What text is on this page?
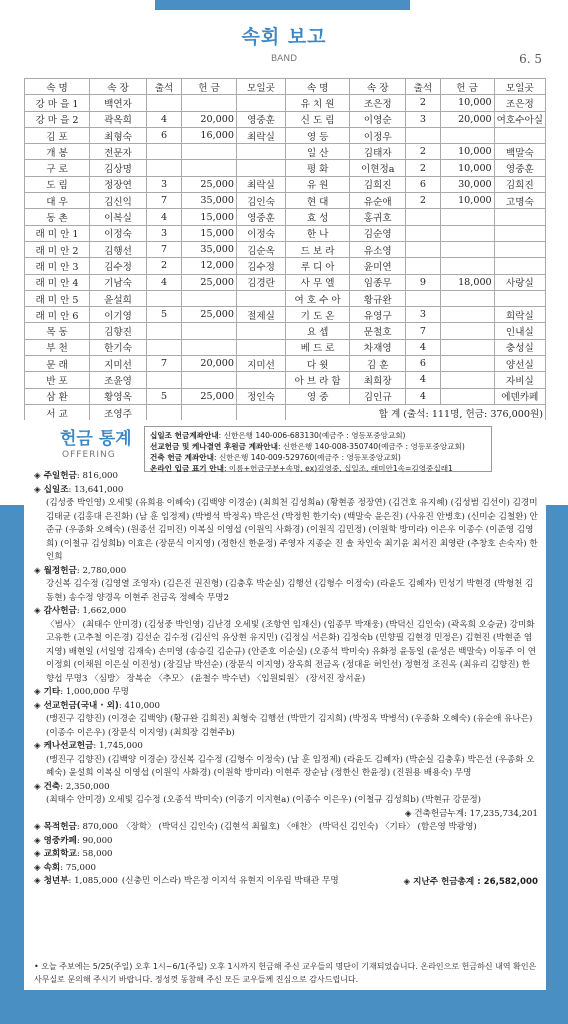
속회 보고
BAND	6. 5
속 명	속 장	출석	헌 금	모일곳
강 마 을 1	백연자			
강 마 을 2	곽옥희	4	20,000	영중훈
김 포	최형숙	6	16,000	최락실
개 봉	전문자			
구 로	김상명			
도 림	정장연	3	25,000	최락실
대 우	김신익	7	35,000	김인숙
동 촌	이복실	4	15,000	영중훈
래 미 안 1	이정숙	3	15,000	이정숙
래 미 안 2	김행선	7	35,000	김순옥
래 미 안 3	김수정	2	12,000	김수정
래 미 안 4	기남숙	4	25,000	김경란
래 미 안 5	윤설희			
래 미 안 6	이기영	5	25,000	절제실
목 동	김향진			
부 천	한기숙			
문 래	지미선	7	20,000	지미선
반 포	조윤영			
삼 환	황영옥	5	25,000	정인숙
서 교	조영주			
속 명	속 장	출석	헌 금	모일곳
유 치 원	조은정	2	10,000	조은정
신 도 림	이영순	3	20,000	여호수아실
영 등	이정우			
일 산	김태자	2	10,000	백말숙
평 화	이현정a	2	10,000	영중훈
유 원	김희진	6	30,000	김희진
현 대	유순애	2	10,000	고명숙
효 성	홍귀호			
한 나	김순영			
드 보 라	유소영			
루 디 아	윤미연			
사 무 엘	임종무	9	18,000	사랑실
여 호 수 아	황규완			
기 도 온	유영구	3		희락실
요 셉	문철호	7		인내실
베 드 로	차재영	4		충성실
다 윗	김 훈	6		양선실
아 브 라 함	최희장	4		자비실
영 중	김인규	4		에덴카페
합 계 (출석: 111명, 헌금: 376,000원)				
헌금 통계
OFFERING
십일조 헌금계좌안내: 신한은행 140-006-683130(예금주 : 영등포중앙교회)
선교헌금 및 케나결연 후원금 계좌안내: 신한은행 140-008-350740(예금주 : 영등포중앙교회)
건축 헌금 계좌안내: 신한은행 140-009-529760(예금주 : 영등포중앙교회)
온라인 입금 표기 안내: 이름+헌금구분+속명, ex)김영중, 십일조, 래미안1속=김영중십래1
◈ 주일헌금: 816,000
◈ 십일조: 13,641,000
(김성중 박인영) 오세빛 (유희용 이혜숙) (김백양 이경순) (최희천 김성희a) (황현종 정장연) (김건호 유지혜) (김성범 김선이) 김경미 김태균 (김홍대 은진화) (남 훈 임정제) (박병석 박정옥) 박은선 (박정헌 한기숙) (백말숙 윤은진) (사유진 안병호) (신미순 김철환) 안준규 (우종화 오혜숙) (원종선 김미진) 이복실 이영섭 (이원익 사화경) (이원직 김민정) (이원학 방미라) 이은우 이종수 (이준영 김영희) (이철규 김성희b) 이효은 (장문식 이지영) (정한신 한윤정) 주영자 지종순 진 솔 차인숙 최기윤 최서진 최영란 (추창호 손숙자) 한인희
◈ 월정헌금: 2,780,000
강신복 김수정 (김영열 조영자) (김은진 권진형) (김충후 박순실) 김행선 (김형수 이정숙) (라윤도 김혜자) 민성기 박현경 (박형천 김동현) 송수정 양경옥 이현주 전금옥 정혜숙 무명2
◈ 감사헌금: 1,662,000
〈범사〉 (최태수 안미경) (김성중 박인영) 김난경 오세빛 (조항연 임재신) (임종무 박재웅) (박덕신 김인숙) (곽옥희 오승균) 강미화 고유한 (고추철 이은경) 김선순 김수정 (김신익 유상현 유지민) (김정심 서은화) 김정숙b (민향필 김현경 민정은) 김현진 (박현준 염지영) 배현일 (서일영 김재숙) 손미영 (송승길 김순규) (안준호 이순실) (오종석 박미숙) 유화정 윤동일 (윤성은 백말숙) 이동주 이 연 이정회 (이채원 이은실 이진성) (장길남 박선순) (장문식 이지영) 장옥희 전금옥 (정대윤 허인선) 정현정 조진옥 (최유리 김향진) 한향섭 무명3 〈심방〉 장복순 〈추모〉 (윤철수 박수년) 〈입원퇴원〉 (장서진 장서윤)
◈ 기타: 1,000,000 무명
◈ 선교헌금(국내 · 외): 410,000
(맹진구 김향진) (이경순 김백양) (황규완 김희진) 최형숙 김행선 (박만기 김지희) (박정옥 박병석) (우종화 오혜숙) (유순애 유나은) (이종수 이은우) (장문식 이지영) (최희장 김현주b)
◈ 케나선교헌금: 1,745,000
(맹진구 김향진) (김백양 이경순) 강신복 김수정 (김형수 이정숙) (남 훈 임정제) (라윤도 김혜자) (박순실 김충후) 박은선 (우종화 오혜숙) 윤설희 이복실 이영섭 (이원익 사화경) (이원학 방미라) 이현주 장순남 (정한신 한윤정) (진원용 배용숙) 무명
◈ 건축: 2,350,000
(최태수 안미경) 오세빛 김수정 (오종석 박미숙) (이종기 이지현a) (이종수 이은우) (이철규 김성희b) (박현규 강문정)
◈ 건축헌금누계: 17,235,734,201
◈ 목적헌금: 870,000 〈장학〉 (박덕신 김인숙) (김현석 최월호) 〈애찬〉 (박덕신 김인숙) 〈기타〉 (함은영 박광영)
◈ 영중카페: 90,000
◈ 교회학교: 58,000
◈ 속회: 75,000
◈ 청년부: 1,085,000 (신충민 이스라) 박은정 이지석 유현지 이우림 박태관 무명	◈ 지난주 헌금총계 : 26,582,000
• 오늘 주보에는 5/25(주일) 오후 1시~6/1(주일) 오후 1시까지 헌금해 주신 교우들의 명단이 기재되었습니다. 온라인으로 헌금하신 내역 확인은 사무실로 문의해 주시기 바랍니다. 정성껏 동참해 주신 모든 교우들께 진심으로 감사드립니다.
